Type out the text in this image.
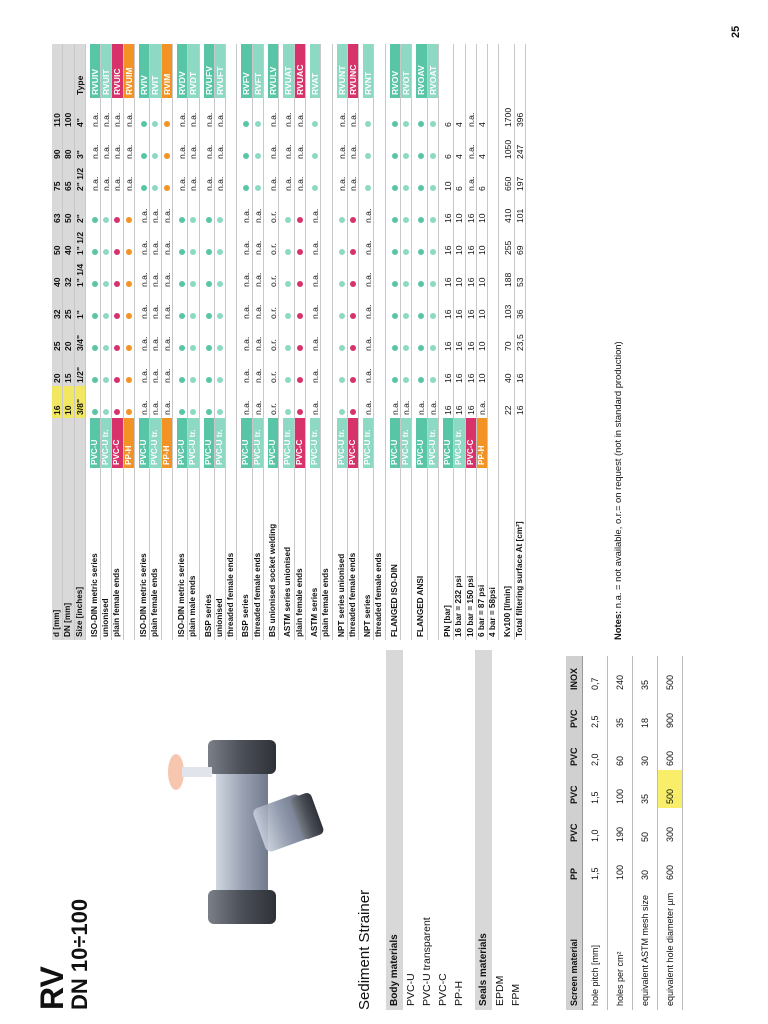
25
RV
DN 10÷100	Sediment Strainer	Body materials PVC-U PVC-U transparent PVC-C PP-H	Seals materials EPDM FPM	Screen material	PP	PVC	PVC	PVC	PVC	INOX
hole pitch [mm]	1,5	1,0	1,5	2,0	2,5	0,7
holes per cm²	100	190	100	60	35	240
equivalent ASTM mesh size	30	50	35	30	18	35
equivalent hole diameter µm	600	300	500	600	900	500
d [mm]		16	20	25	32	40	50	63	75	90	110	
DN [mm]		10	15	20	25	32	40	50	65	80	100	
Size [inches]		3/8"	1/2"	3/4"	1"	1" 1/4	1" 1/2	2"	2" 1/2	3"	4"	Type

ISO-DIN metric series	PVC-U								n.a.	n.a.	n.a.	RVUIV
unionised	PVC-U tr.								n.a.	n.a.	n.a.	RVUIT
plain female ends	PVC-C								n.a.	n.a.	n.a.	RVUIC
	PP-H								n.a.	n.a.	n.a.	RVUIM

ISO-DIN metric series	PVC-U	n.a.	n.a.	n.a.	n.a.	n.a.	n.a.	n.a.				RVIV
plain female ends	PVC-U tr.	n.a.	n.a.	n.a.	n.a.	n.a.	n.a.	n.a.				RVIT
	PP-H	n.a.	n.a.	n.a.	n.a.	n.a.	n.a.	n.a.				RVIM

ISO-DIN metric series	PVC-U								n.a.	n.a.	n.a.	RVDV
plain male ends	PVC-U tr.								n.a.	n.a.	n.a.	RVDT

BSP series	PVC-U								n.a.	n.a.	n.a.	RVUFV
unionised	PVC-U tr.								n.a.	n.a.	n.a.	RVUFT
threaded female ends												

BSP series	PVC-U	n.a.	n.a.	n.a.	n.a.	n.a.	n.a.	n.a.				RVFV
threaded female ends	PVC-U tr.	n.a.	n.a.	n.a.	n.a.	n.a.	n.a.	n.a.				RVFT

BS unionised socket welding	PVC-U	o.r.	o.r.	o.r.	o.r.	o.r.	o.r.	o.r.	n.a.	n.a.	n.a.	RVULV

ASTM series unionised	PVC-U tr.								n.a.	n.a.	n.a.	RVUAT
plain female ends	PVC-C								n.a.	n.a.	n.a.	RVUAC

ASTM series	PVC-U tr.	n.a.	n.a.	n.a.	n.a.	n.a.	n.a.	n.a.				RVAT
plain female ends												

NPT series unionised	PVC-U tr.								n.a.	n.a.	n.a.	RVUNT
threaded female ends	PVC-C								n.a.	n.a.	n.a.	RVUNC

NPT series	PVC-U tr.	n.a.	n.a.	n.a.	n.a.	n.a.	n.a.	n.a.				RVNT
threaded female ends												

FLANGED ISO-DIN	PVC-U	n.a.										RVOV
	PVC-U tr.	n.a.										RVOT

FLANGED ANSI	PVC-U	n.a.										RVOAV
	PVC-U tr.	n.a.										RVOAT

PN [bar]	PVC-U	16	16	16	16	16	16	16	10	6	6	
16 bar = 232 psi	PVC-U tr.	16	16	16	16	10	10	10	6	4	4	
10 bar = 150 psi	PVC-C	16	16	16	16	16	16	16	n.a.	n.a.	n.a.	
6 bar = 87 psi	PP-H	n.a.	10	10	10	10	10	10	6	4	4	
4 bar = 58psi												

Kv100 [l/min]		22	40	70	103	188	255	410	650	1050	1700	
Total filtering surface At [cm²]		16	16	23,5	36	53	69	101	197	247	396	
Notes: n.a. = not available, o.r.= on request (not in standard production)
